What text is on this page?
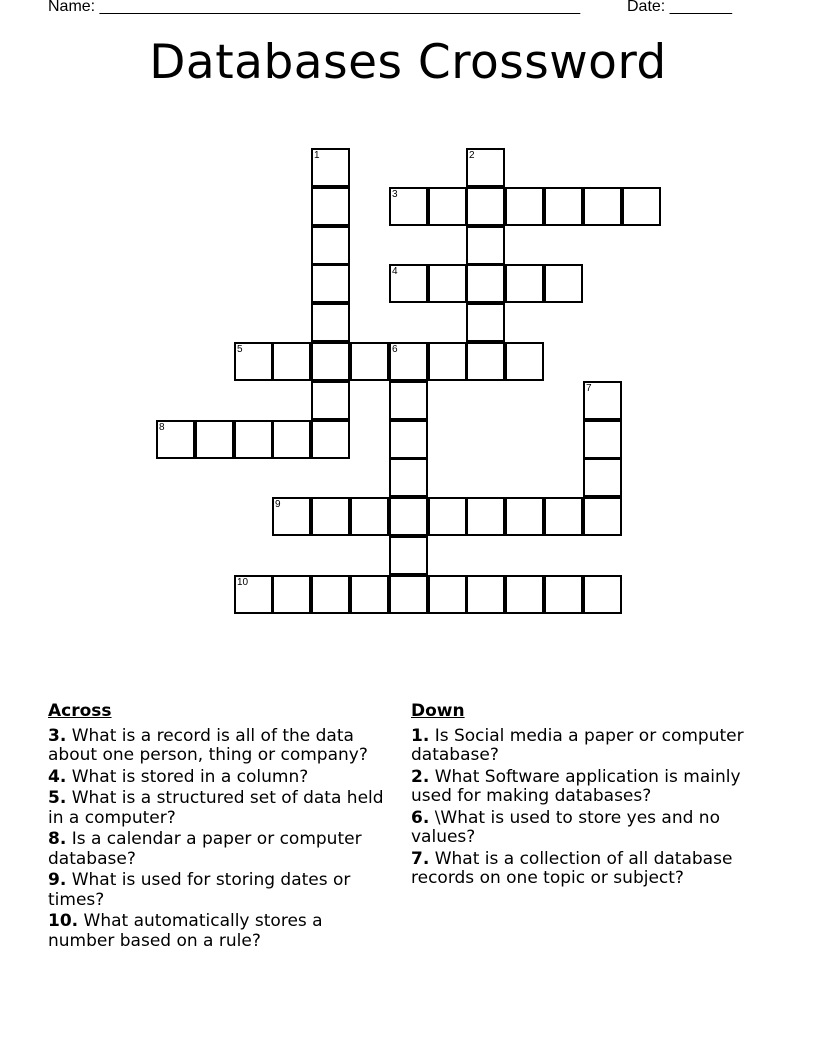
Name: ______________________________________________________	Date: _______
Databases Crossword
1	2
3
4
5	6
7
8
9
10
Across
3. What is a record is all of the data about one person, thing or company?
4. What is stored in a column?
5. What is a structured set of data held in a computer?
8. Is a calendar a paper or computer database?
9. What is used for storing dates or times?
10. What automatically stores a number based on a rule?
Down
1. Is Social media a paper or computer database?
2. What Software application is mainly used for making databases?
6. \What is used to store yes and no values?
7. What is a collection of all database records on one topic or subject?
